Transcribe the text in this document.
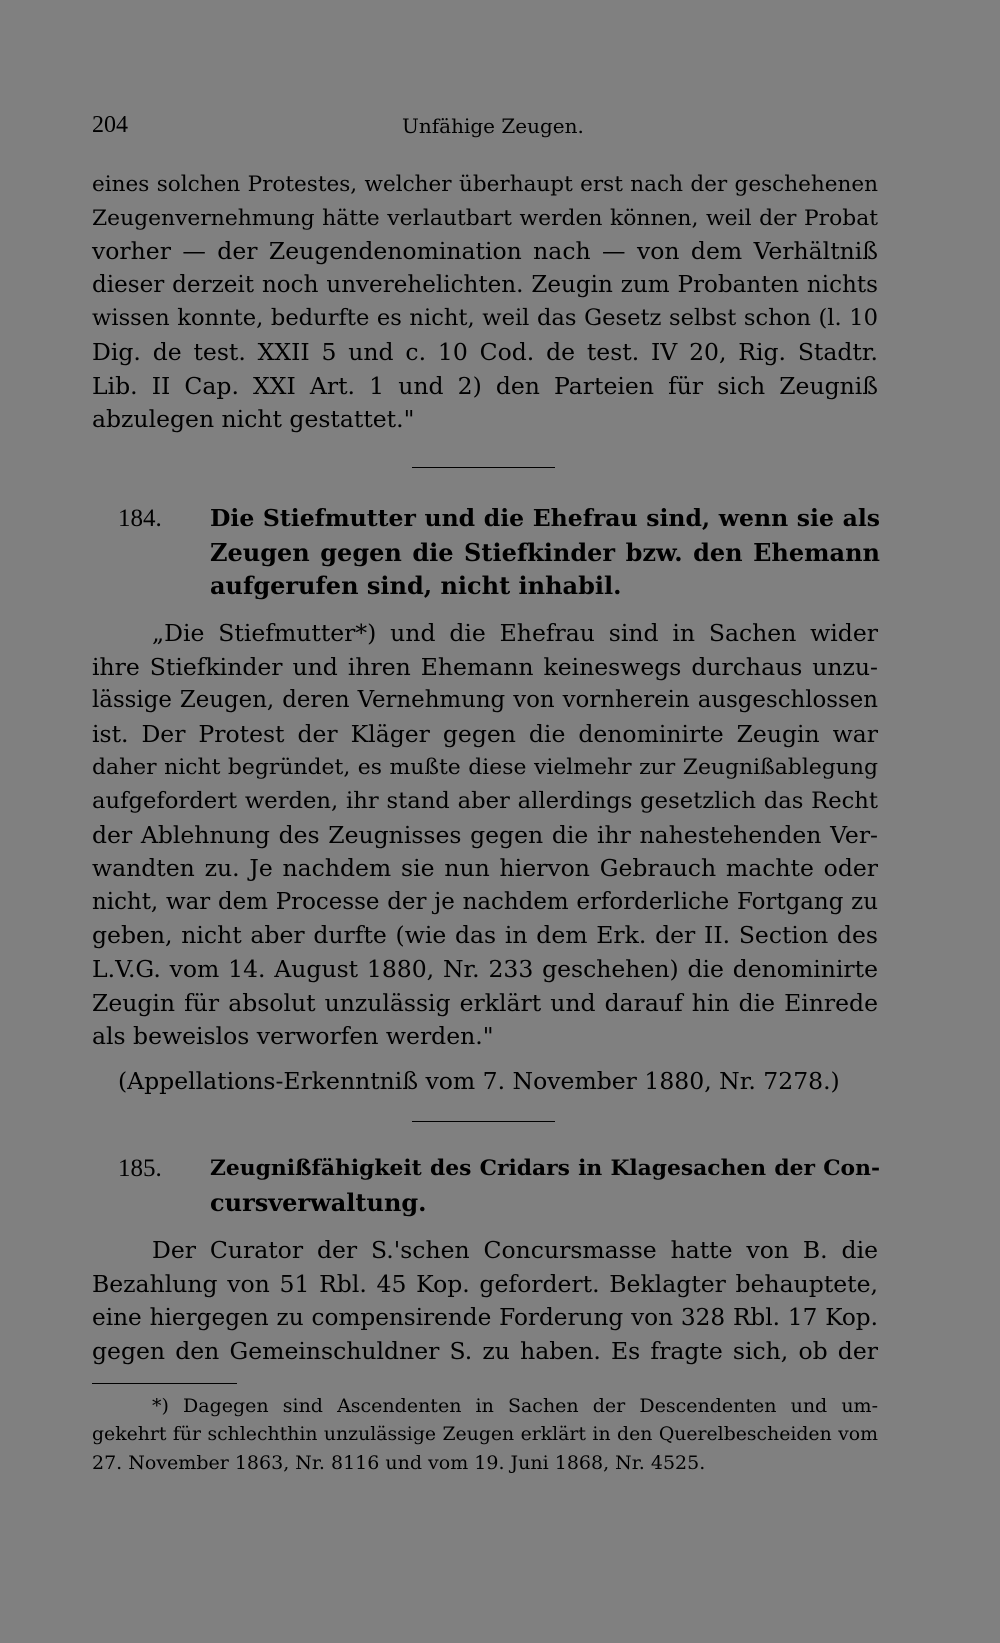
204	Unfähige Zeugen.
eines solchen Protestes, welcher überhaupt erst nach der geschehenen
Zeugenvernehmung hätte verlautbart werden können, weil der Probat
vorher — der Zeugendenomination nach — von dem Verhältniß
dieser derzeit noch unverehelichten. Zeugin zum Probanten nichts
wissen konnte, bedurfte es nicht, weil das Gesetz selbst schon (l. 10
Dig. de test. XXII 5 und c. 10 Cod. de test. IV 20, Rig. Stadtr.
Lib. II Cap. XXI Art. 1 und 2) den Parteien für sich Zeugniß
abzulegen nicht gestattet."
184. Die Stiefmutter und die Ehefrau sind, wenn sie als
Zeugen gegen die Stiefkinder bzw. den Ehemann
aufgerufen sind, nicht inhabil.
„Die Stiefmutter*) und die Ehefrau sind in Sachen wider
ihre Stiefkinder und ihren Ehemann keineswegs durchaus unzu-
lässige Zeugen, deren Vernehmung von vornherein ausgeschlossen
ist. Der Protest der Kläger gegen die denominirte Zeugin war
daher nicht begründet, es mußte diese vielmehr zur Zeugnißablegung
aufgefordert werden, ihr stand aber allerdings gesetzlich das Recht
der Ablehnung des Zeugnisses gegen die ihr nahestehenden Ver-
wandten zu. Je nachdem sie nun hiervon Gebrauch machte oder
nicht, war dem Processe der je nachdem erforderliche Fortgang zu
geben, nicht aber durfte (wie das in dem Erk. der II. Section des
L.V.G. vom 14. August 1880, Nr. 233 geschehen) die denominirte
Zeugin für absolut unzulässig erklärt und darauf hin die Einrede
als beweislos verworfen werden."
(Appellations-Erkenntniß vom 7. November 1880, Nr. 7278.)
185. Zeugnißfähigkeit des Cridars in Klagesachen der Con-
cursverwaltung.
Der Curator der S.'schen Concursmasse hatte von B. die
Bezahlung von 51 Rbl. 45 Kop. gefordert. Beklagter behauptete,
eine hiergegen zu compensirende Forderung von 328 Rbl. 17 Kop.
gegen den Gemeinschuldner S. zu haben. Es fragte sich, ob der
*) Dagegen sind Ascendenten in Sachen der Descendenten und um-
gekehrt für schlechthin unzulässige Zeugen erklärt in den Querelbescheiden vom
27. November 1863, Nr. 8116 und vom 19. Juni 1868, Nr. 4525.
